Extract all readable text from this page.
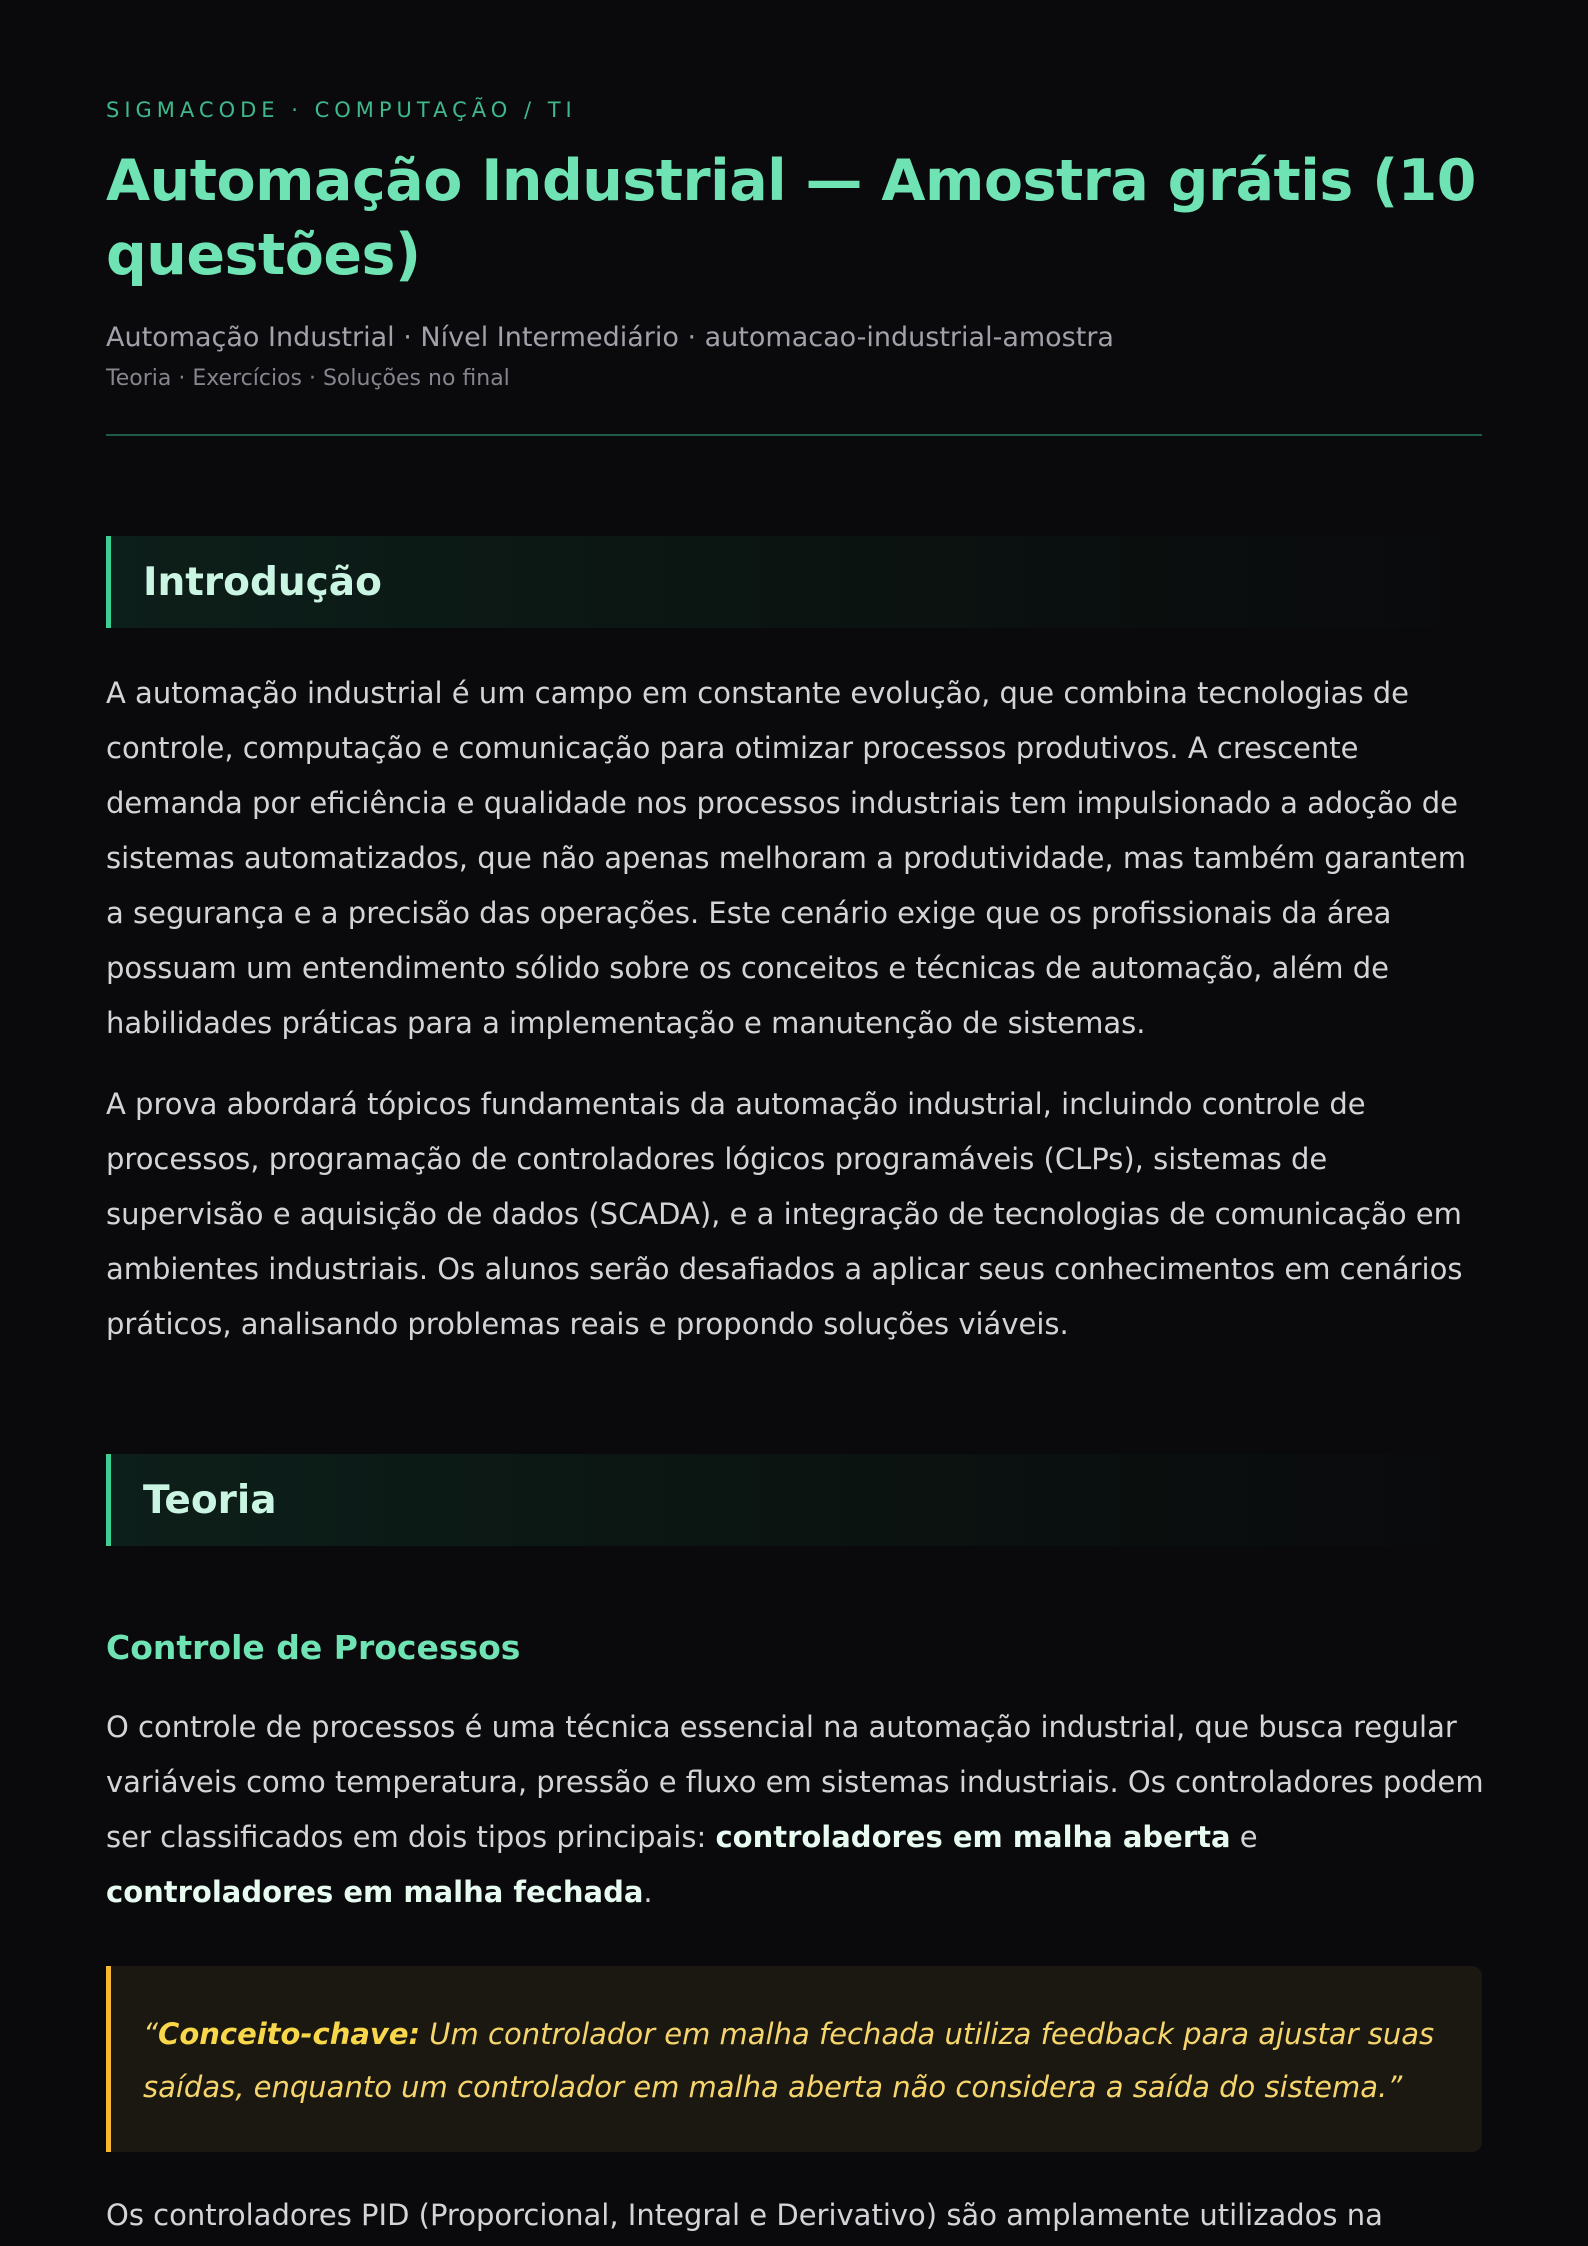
SIGMACODE · COMPUTAÇÃO / TI

Automação Industrial — Amostra grátis (10 questões)

Automação Industrial · Nível Intermediário · automacao-industrial-amostra

Teoria · Exercícios · Soluções no final

Introdução

A automação industrial é um campo em constante evolução, que combina tecnologias de controle, computação e comunicação para otimizar processos produtivos. A crescente demanda por eficiência e qualidade nos processos industriais tem impulsionado a adoção de sistemas automatizados, que não apenas melhoram a produtividade, mas também garantem a segurança e a precisão das operações. Este cenário exige que os profissionais da área possuam um entendimento sólido sobre os conceitos e técnicas de automação, além de habilidades práticas para a implementação e manutenção de sistemas.

A prova abordará tópicos fundamentais da automação industrial, incluindo controle de processos, programação de controladores lógicos programáveis (CLPs), sistemas de supervisão e aquisição de dados (SCADA), e a integração de tecnologias de comunicação em ambientes industriais. Os alunos serão desafiados a aplicar seus conhecimentos em cenários práticos, analisando problemas reais e propondo soluções viáveis.

Teoria
Controle de Processos

O controle de processos é uma técnica essencial na automação industrial, que busca regular variáveis como temperatura, pressão e fluxo em sistemas industriais. Os controladores podem ser classificados em dois tipos principais: controladores em malha aberta e controladores em malha fechada.

“Conceito-chave: Um controlador em malha fechada utiliza feedback para ajustar suas saídas, enquanto um controlador em malha aberta não considera a saída do sistema.”

Os controladores PID (Proporcional, Integral e Derivativo) são amplamente utilizados na
